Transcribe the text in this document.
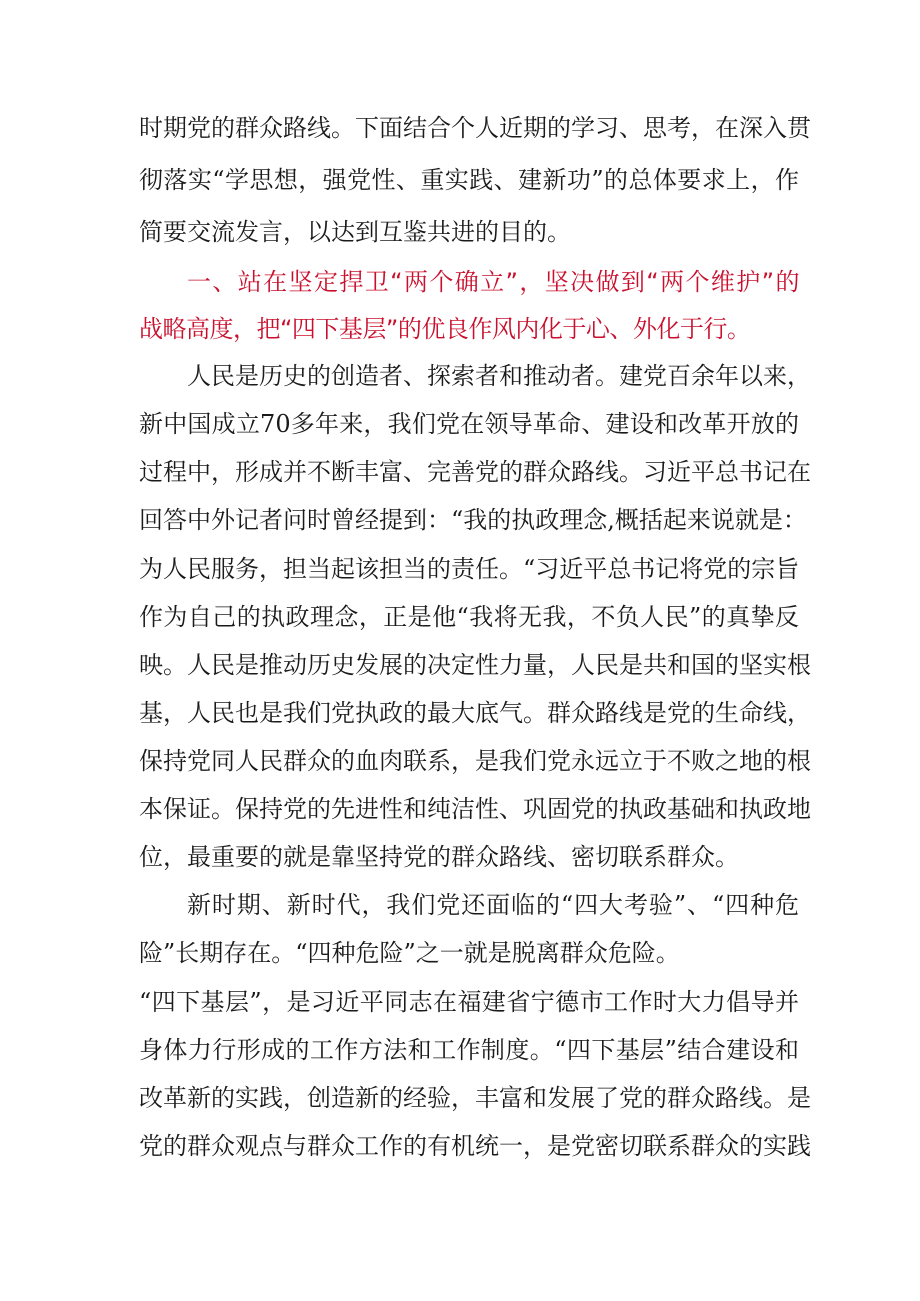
时期党的群众路线。下面结合个人近期的学习、思考，在深入贯
彻落实“学思想，强党性、重实践、建新功”的总体要求上，作
简要交流发言，以达到互鉴共进的目的。
一、站在坚定捍卫“两个确立”，坚决做到“两个维护”的
战略高度，把“四下基层”的优良作风内化于心、外化于行。
人民是历史的创造者、探索者和推动者。建党百余年以来，
新中国成立70多年来，我们党在领导革命、建设和改革开放的
过程中，形成并不断丰富、完善党的群众路线。习近平总书记在
回答中外记者问时曾经提到：“我的执政理念,概括起来说就是：
为人民服务，担当起该担当的责任。“习近平总书记将党的宗旨
作为自己的执政理念，正是他“我将无我，不负人民”的真挚反
映。人民是推动历史发展的决定性力量，人民是共和国的坚实根
基，人民也是我们党执政的最大底气。群众路线是党的生命线，
保持党同人民群众的血肉联系，是我们党永远立于不败之地的根
本保证。保持党的先进性和纯洁性、巩固党的执政基础和执政地
位，最重要的就是靠坚持党的群众路线、密切联系群众。
新时期、新时代，我们党还面临的“四大考验”、“四种危
险”长期存在。“四种危险”之一就是脱离群众危险。
“四下基层”，是习近平同志在福建省宁德市工作时大力倡导并
身体力行形成的工作方法和工作制度。“四下基层”结合建设和
改革新的实践，创造新的经验，丰富和发展了党的群众路线。是
党的群众观点与群众工作的有机统一，是党密切联系群众的实践
